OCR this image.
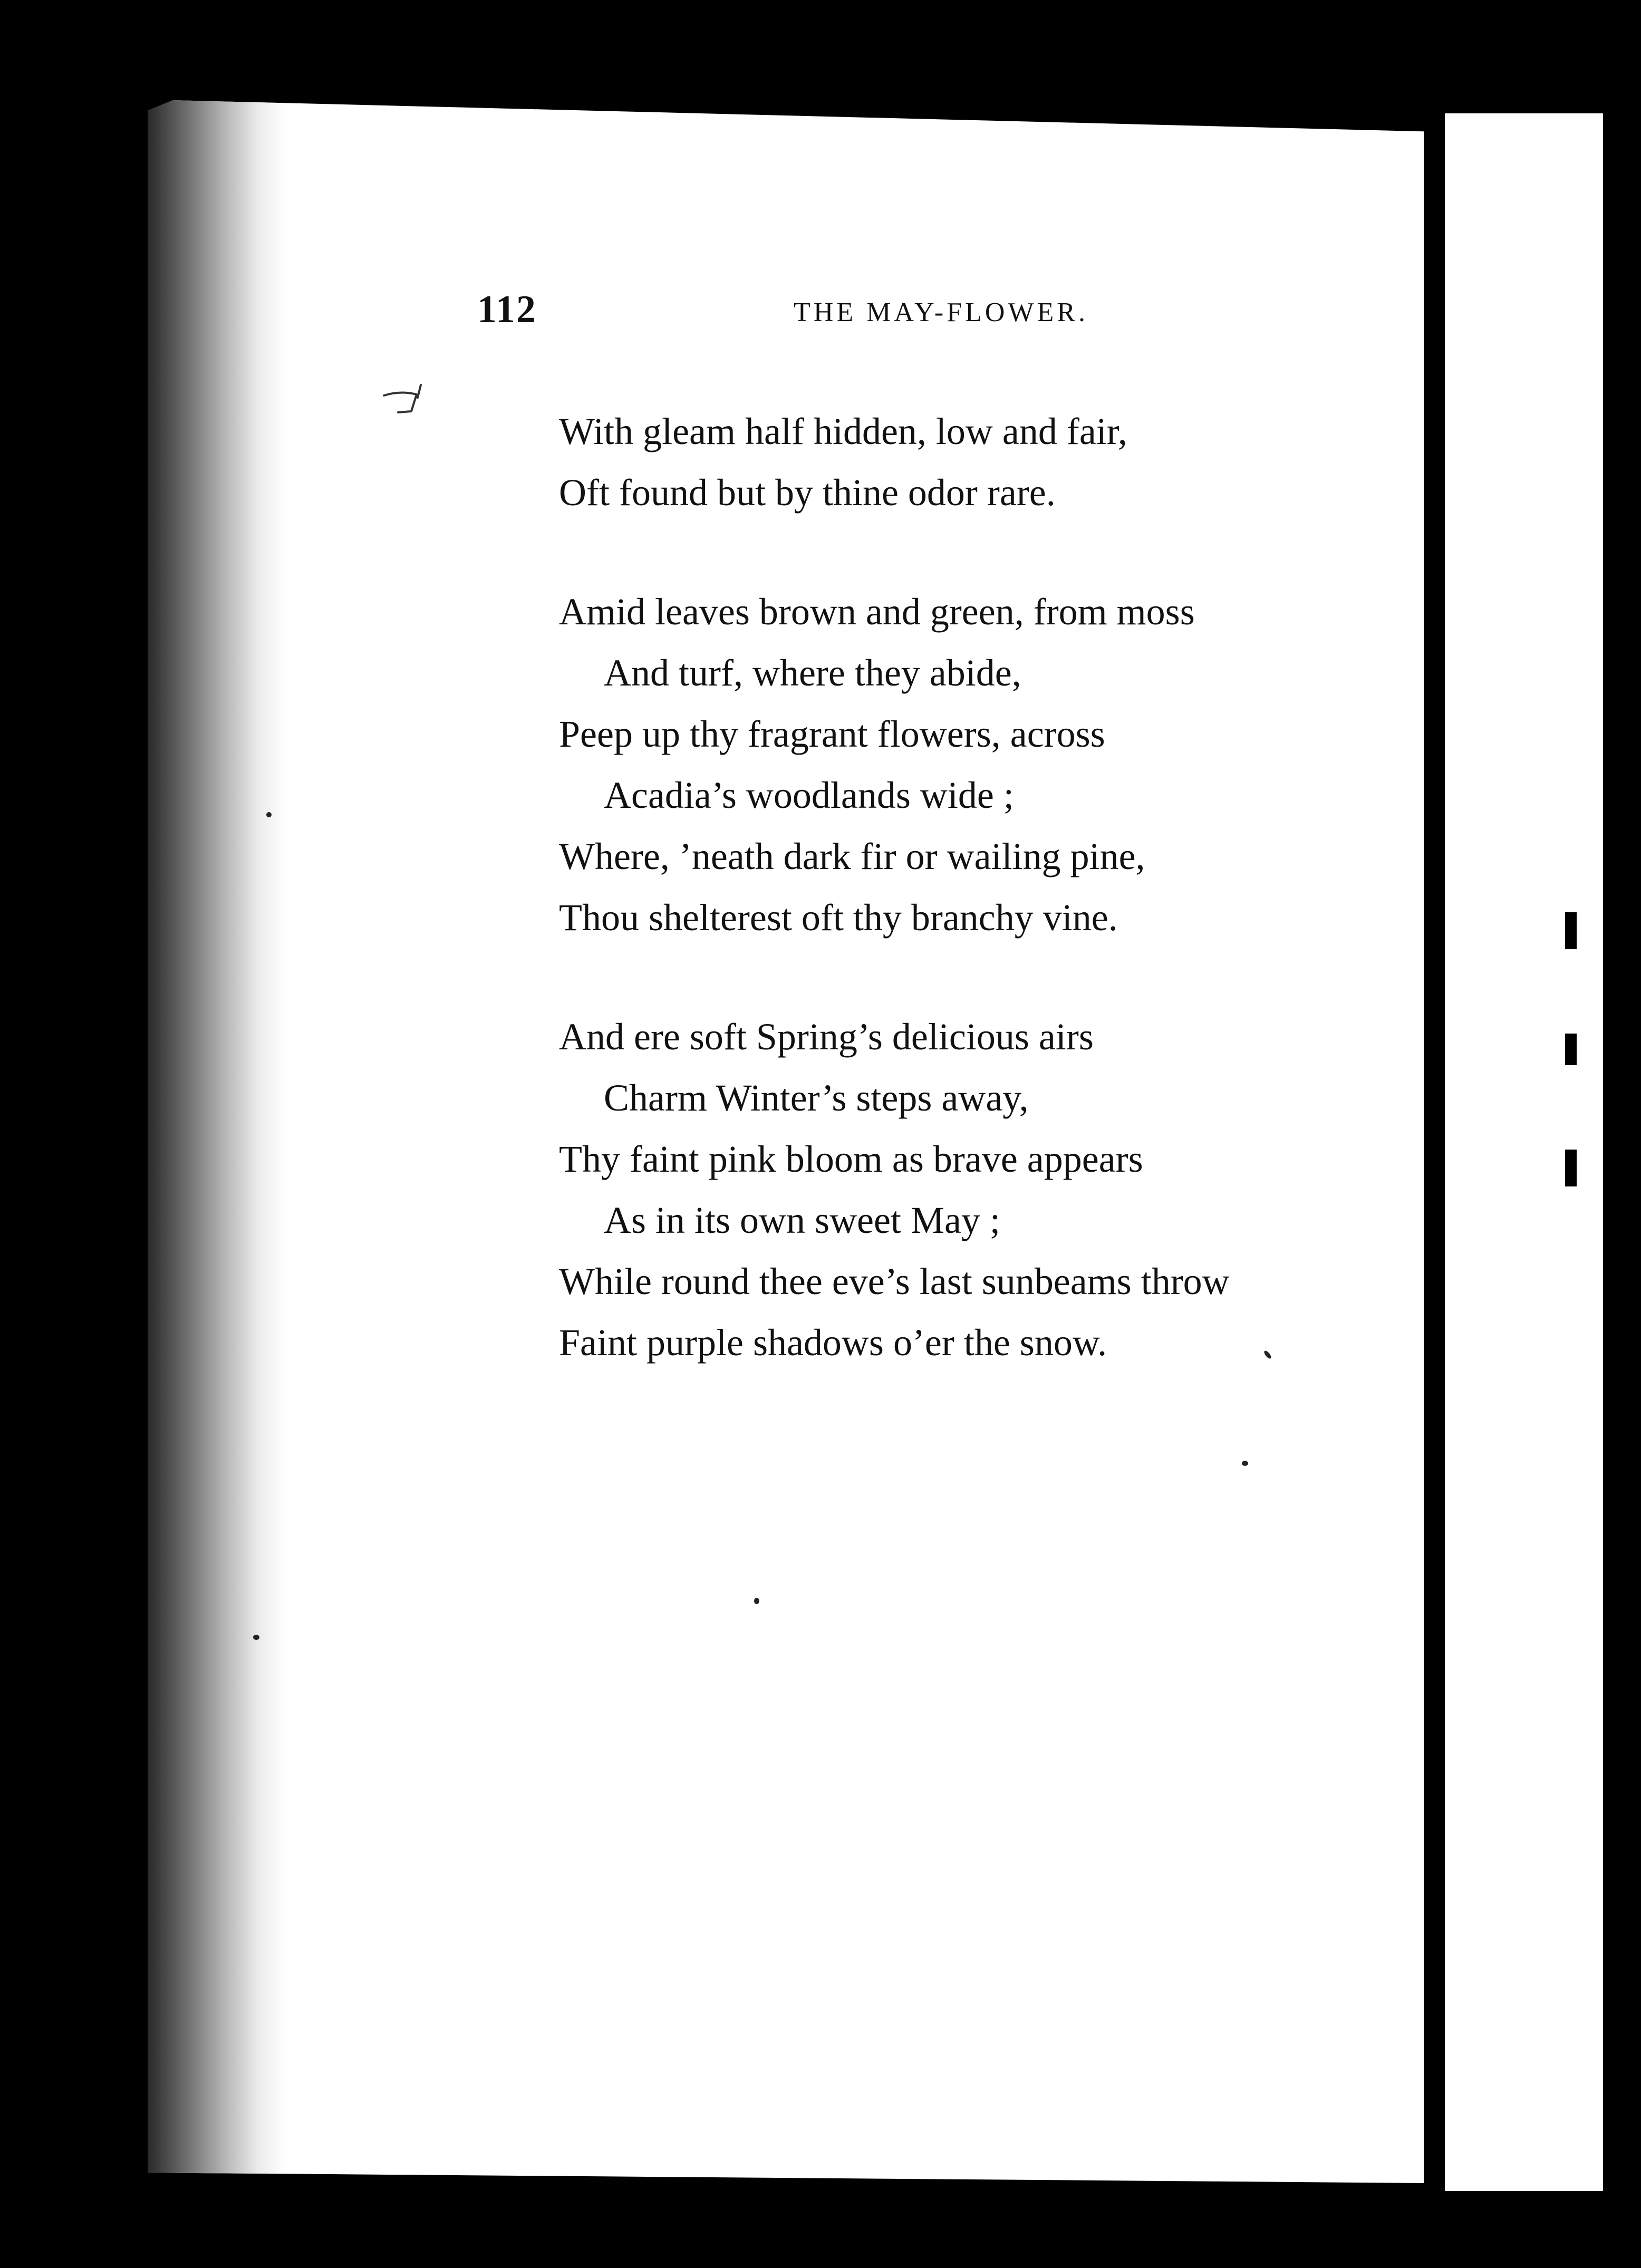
112	THE MAY-FLOWER.
With gleam half hidden, low and fair,
Oft found but by thine odor rare.
Amid leaves brown and green, from moss
And turf, where they abide,
Peep up thy fragrant flowers, across
Acadia’s woodlands wide ;
Where, ’neath dark fir or wailing pine,
Thou shelterest oft thy branchy vine.
And ere soft Spring’s delicious airs
Charm Winter’s steps away,
Thy faint pink bloom as brave appears
As in its own sweet May ;
While round thee eve’s last sunbeams throw
Faint purple shadows o’er the snow.
